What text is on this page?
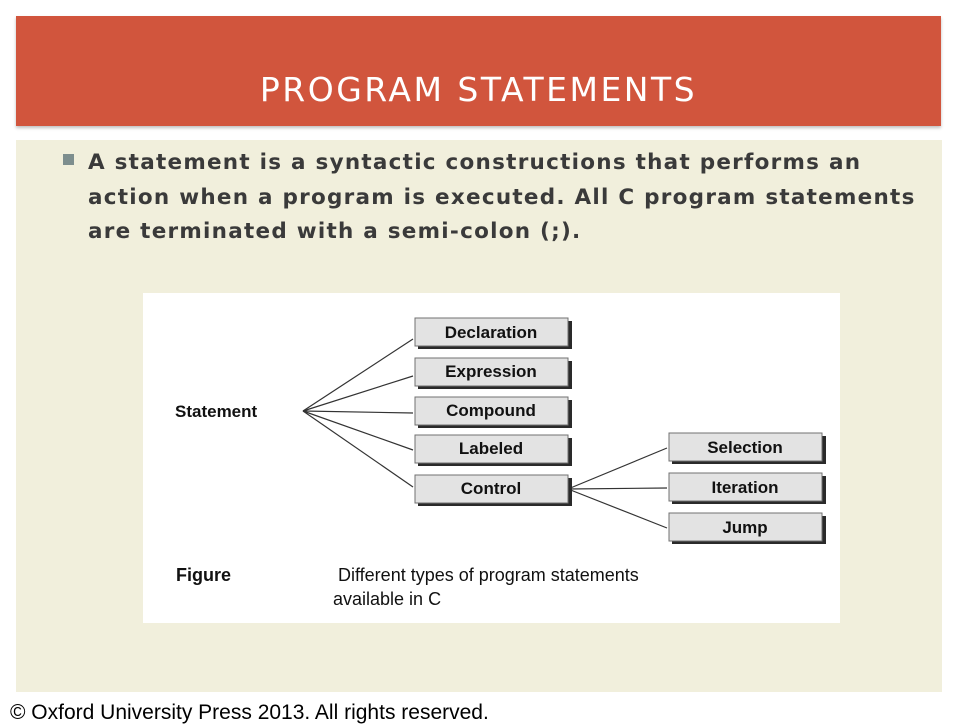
PROGRAM STATEMENTS

A statement is a syntactic constructions that performs an action when a program is executed. All C program statements are terminated with a semi-colon (;).

Statement
Declaration
Expression
Compound
Labeled
Control
Selection
Iteration
Jump
Figure	Different types of program statements
available in C
© Oxford University Press 2013. All rights reserved.
